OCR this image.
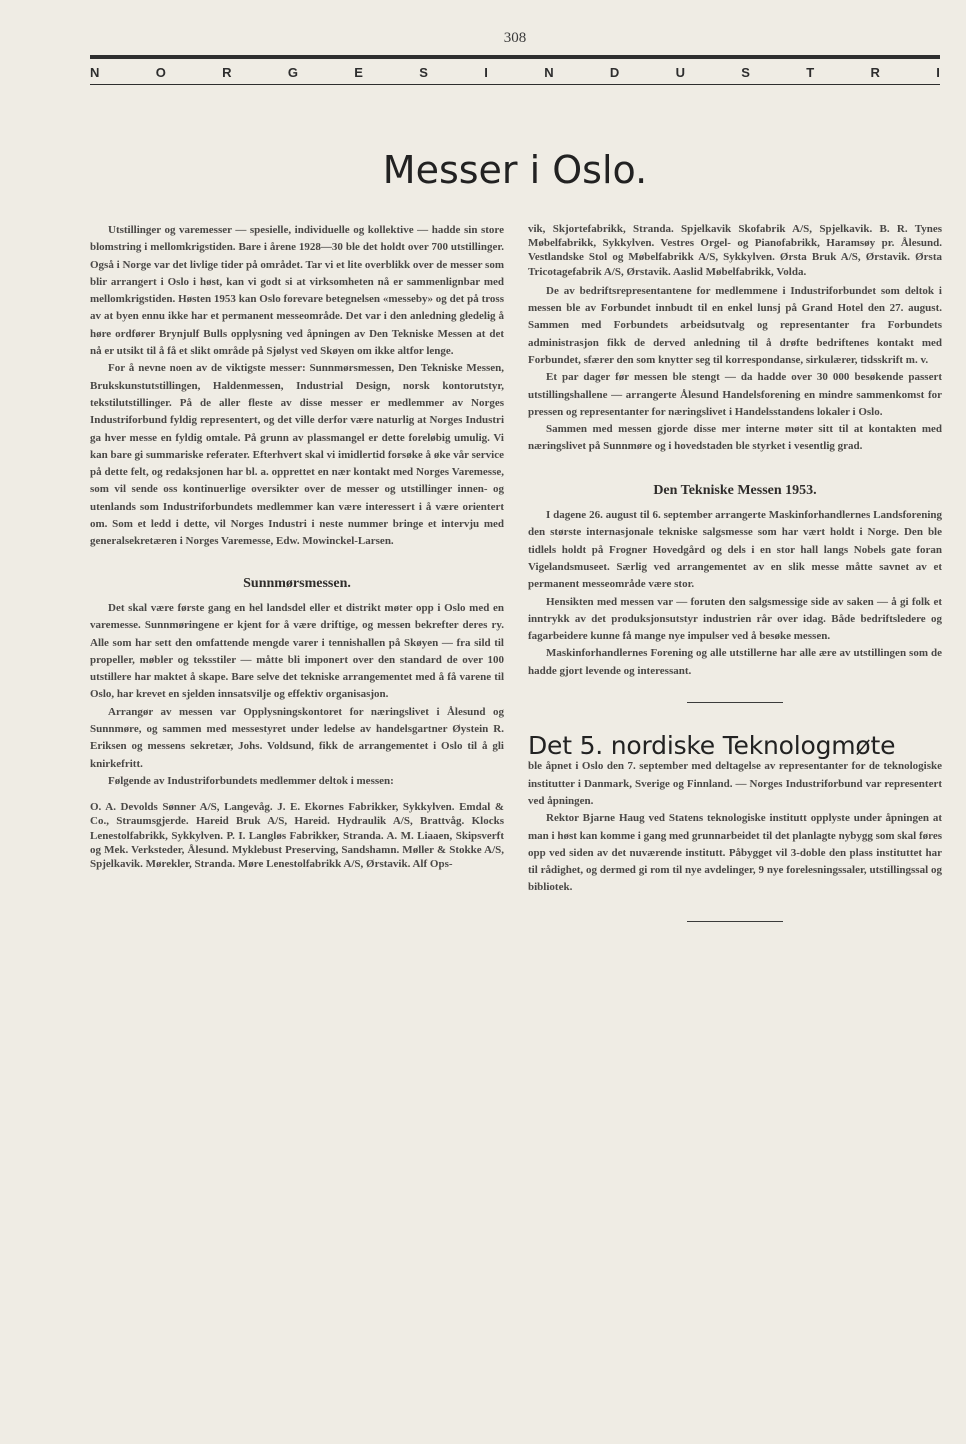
308
N	O	R	G	E	S	I	N	D	U	S	T	R	I
Messer i Oslo.

Utstillinger og varemesser — spesielle, individuelle og kollektive — hadde sin store blomstring i mellomkrigstiden. Bare i årene 1928—30 ble det holdt over 700 utstillinger. Også i Norge var det livlige tider på området. Tar vi et lite overblikk over de messer som blir arrangert i Oslo i høst, kan vi godt si at virksomheten nå er sammenlignbar med mellomkrigstiden. Høsten 1953 kan Oslo forevare betegnelsen «messeby» og det på tross av at byen ennu ikke har et permanent messeområde. Det var i den anledning gledelig å høre ordfører Brynjulf Bulls opplysning ved åpningen av Den Tekniske Messen at det nå er utsikt til å få et slikt område på Sjølyst ved Skøyen om ikke altfor lenge.

For å nevne noen av de viktigste messer: Sunnmørsmessen, Den Tekniske Messen, Brukskunstutstillingen, Haldenmessen, Industrial Design, norsk kontorutstyr, tekstilutstillinger. På de aller fleste av disse messer er medlemmer av Norges Industriforbund fyldig representert, og det ville derfor være naturlig at Norges Industri ga hver messe en fyldig omtale. På grunn av plassmangel er dette foreløbig umulig. Vi kan bare gi summariske referater. Efterhvert skal vi imidlertid forsøke å øke vår service på dette felt, og redaksjonen har bl. a. opprettet en nær kontakt med Norges Varemesse, som vil sende oss kontinuerlige oversikter over de messer og utstillinger innen- og utenlands som Industriforbundets medlemmer kan være interessert i å være orientert om. Som et ledd i dette, vil Norges Industri i neste nummer bringe et intervju med generalsekretæren i Norges Varemesse, Edw. Mowinckel-Larsen.

Sunnmørsmessen.

Det skal være første gang en hel landsdel eller et distrikt møter opp i Oslo med en varemesse. Sunnmøringene er kjent for å være driftige, og messen bekrefter deres ry. Alle som har sett den omfattende mengde varer i tennishallen på Skøyen — fra sild til propeller, møbler og teksstiler — måtte bli imponert over den standard de over 100 utstillere har maktet å skape. Bare selve det tekniske arrangementet med å få varene til Oslo, har krevet en sjelden innsatsvilje og effektiv organisasjon.

Arrangør av messen var Opplysningskontoret for næringslivet i Ålesund og Sunnmøre, og sammen med messestyret under ledelse av handelsgartner Øystein R. Eriksen og messens sekretær, Johs. Voldsund, fikk de arrangementet i Oslo til å gli knirkefritt.

Følgende av Industriforbundets medlemmer deltok i messen:

O. A. Devolds Sønner A/S, Langevåg. J. E. Ekornes Fabrikker, Sykkylven. Emdal & Co., Straumsgjerde. Hareid Bruk A/S, Hareid. Hydraulik A/S, Brattvåg. Klocks Lenestolfabrikk, Sykkylven. P. I. Langløs Fabrikker, Stranda. A. M. Liaaen, Skipsverft og Mek. Verksteder, Ålesund. Myklebust Preserving, Sandshamn. Møller & Stokke A/S, Spjelkavik. Mørekler, Stranda. Møre Lenestolfabrikk A/S, Ørstavik. Alf Ops-

vik, Skjortefabrikk, Stranda. Spjelkavik Skofabrik A/S, Spjelkavik. B. R. Tynes Møbelfabrikk, Sykkylven. Vestres Orgel- og Pianofabrikk, Haramsøy pr. Ålesund. Vestlandske Stol og Møbelfabrikk A/S, Sykkylven. Ørsta Bruk A/S, Ørstavik. Ørsta Tricotagefabrik A/S, Ørstavik. Aaslid Møbelfabrikk, Volda.

De av bedriftsrepresentantene for medlemmene i Industriforbundet som deltok i messen ble av Forbundet innbudt til en enkel lunsj på Grand Hotel den 27. august. Sammen med Forbundets arbeidsutvalg og representanter fra Forbundets administrasjon fikk de derved anledning til å drøfte bedriftenes kontakt med Forbundet, sfærer den som knytter seg til korrespondanse, sirkulærer, tidsskrift m. v.

Et par dager før messen ble stengt — da hadde over 30 000 besøkende passert utstillingshallene — arrangerte Ålesund Handelsforening en mindre sammenkomst for pressen og representanter for næringslivet i Handelsstandens lokaler i Oslo.

Sammen med messen gjorde disse mer interne møter sitt til at kontakten med næringslivet på Sunnmøre og i hovedstaden ble styrket i vesentlig grad.

Den Tekniske Messen 1953.

I dagene 26. august til 6. september arrangerte Maskinforhandlernes Landsforening den største internasjonale tekniske salgsmesse som har vært holdt i Norge. Den ble tidlels holdt på Frogner Hovedgård og dels i en stor hall langs Nobels gate foran Vigelandsmuseet. Særlig ved arrangementet av en slik messe måtte savnet av et permanent messeområde være stor.

Hensikten med messen var — foruten den salgsmessige side av saken — å gi folk et inntrykk av det produksjonsutstyr industrien rår over idag. Både bedriftsledere og fagarbeidere kunne få mange nye impulser ved å besøke messen.

Maskinforhandlernes Forening og alle utstillerne har alle ære av utstillingen som de hadde gjort levende og interessant.

Det 5. nordiske Teknologmøte

ble åpnet i Oslo den 7. september med deltagelse av representanter for de teknologiske institutter i Danmark, Sverige og Finnland. — Norges Industriforbund var representert ved åpningen.

Rektor Bjarne Haug ved Statens teknologiske institutt opplyste under åpningen at man i høst kan komme i gang med grunnarbeidet til det planlagte nybygg som skal føres opp ved siden av det nuværende institutt. Påbygget vil 3-doble den plass instituttet har til rådighet, og dermed gi rom til nye avdelinger, 9 nye forelesningssaler, utstillingssal og bibliotek.
